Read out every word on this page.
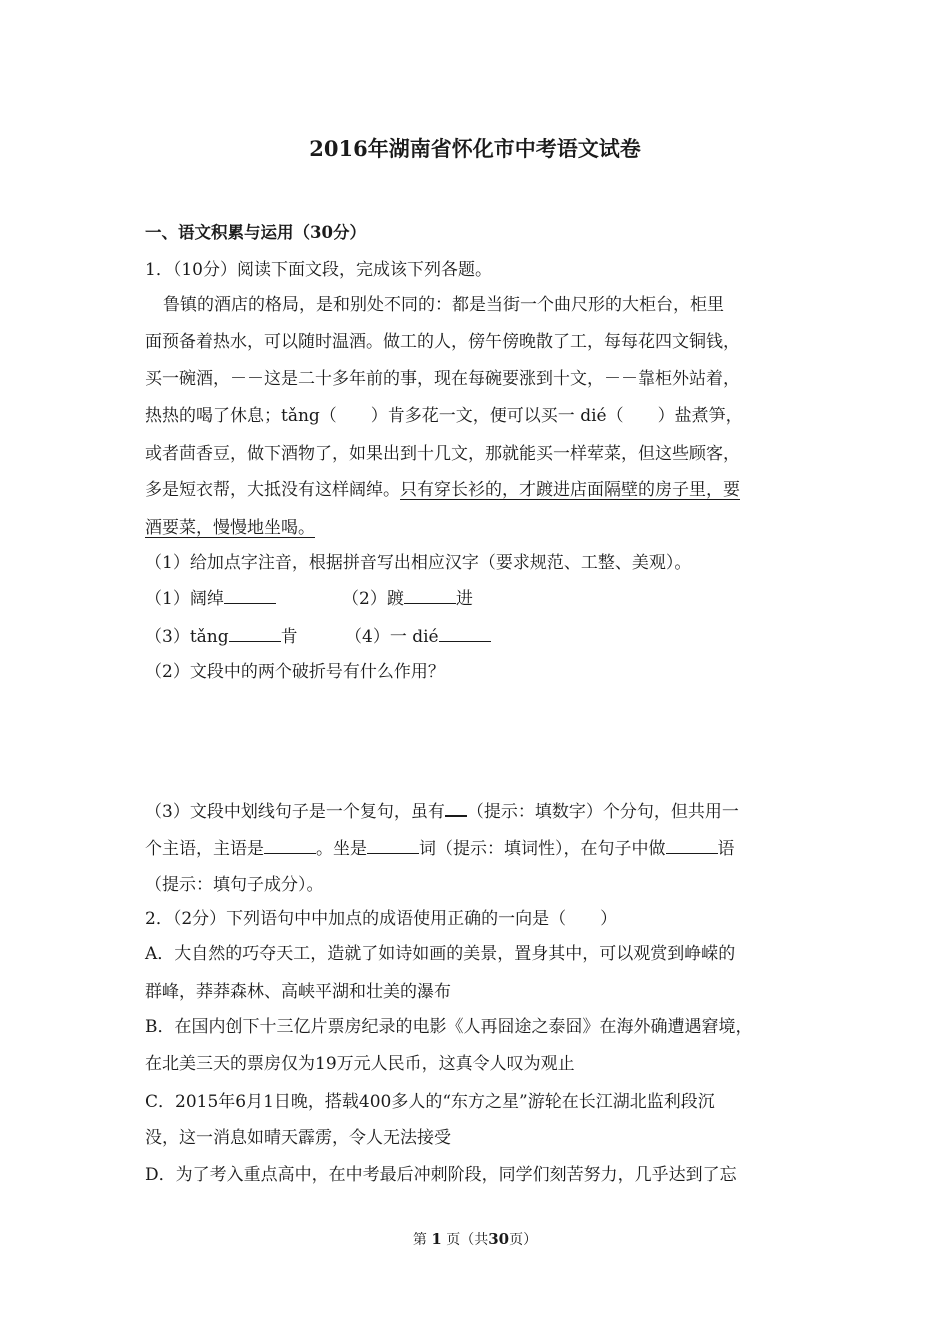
2016年湖南省怀化市中考语文试卷
一、语文积累与运用（30分）
1．（10分）阅读下面文段，完成该下列各题。
鲁镇的酒店的格局，是和别处不同的：都是当街一个曲尺形的大柜台，柜里
面预备着热水，可以随时温酒。做工的人，傍午傍晚散了工，每每花四文铜钱，
买一碗酒，－－这是二十多年前的事，现在每碗要涨到十文，－－靠柜外站着，
热热的喝了休息；tǎng（　　）肯多花一文，便可以买一 dié（　　）盐煮笋，
或者茴香豆，做下酒物了，如果出到十几文，那就能买一样荤菜，但这些顾客，
多是短衣帮，大抵没有这样阔绰。只有穿长衫的，才踱进店面隔壁的房子里，要
酒要菜，慢慢地坐喝。
（1）给加点字注音，根据拼音写出相应汉字（要求规范、工整、美观）。
（1）阔绰	（2）踱	进
（3）tǎng	肯	（4）一 dié
（2）文段中的两个破折号有什么作用？
（3）文段中划线句子是一个复句，虽有 （提示：填数字）个分句，但共用一
个主语，主语是	。坐是	词（提示：填词性），在句子中做	语
（提示：填句子成分）。
2．（2分）下列语句中中加点的成语使用正确的一向是（　　）
A．大自然的巧夺天工，造就了如诗如画的美景，置身其中，可以观赏到峥嵘的
群峰，莽莽森林、高峡平湖和壮美的瀑布
B．在国内创下十三亿片票房纪录的电影《人再囧途之泰囧》在海外确遭遇窘境，
在北美三天的票房仅为19万元人民币，这真令人叹为观止
C．2015年6月1日晚，搭载400多人的“东方之星”游轮在长江湖北监利段沉
没，这一消息如晴天霹雳，令人无法接受
D．为了考入重点高中，在中考最后冲刺阶段，同学们刻苦努力，几乎达到了忘
第 1 页（共30页）
